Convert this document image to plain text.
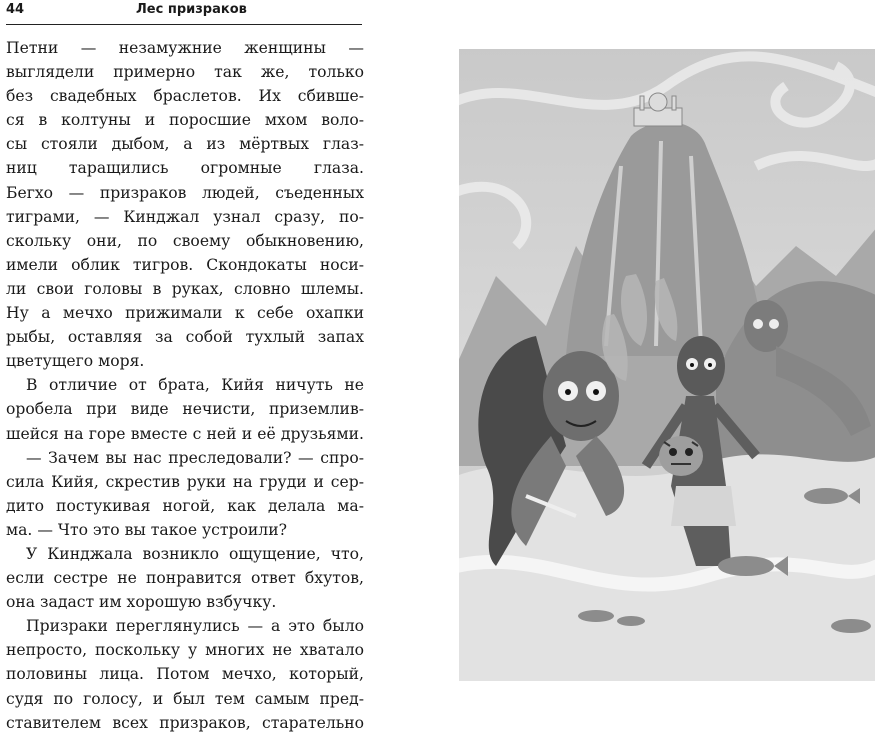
44	Лес призраков
Петни — незамужние женщины —
выглядели примерно так же, только
без свадебных браслетов. Их сбивше-
ся в колтуны и поросшие мхом воло-
сы стояли дыбом, а из мёртвых глаз-
ниц таращились огромные глаза.
Бегхо — призраков людей, съеденных
тиграми, — Кинджал узнал сразу, по-
скольку они, по своему обыкновению,
имели облик тигров. Скондокаты носи-
ли свои головы в руках, словно шлемы.
Ну а мечхо прижимали к себе охапки
рыбы, оставляя за собой тухлый запах
цветущего моря.
В отличие от брата, Кийя ничуть не
оробела при виде нечисти, приземлив-
шейся на горе вместе с ней и её друзьями.
— Зачем вы нас преследовали? — спро-
сила Кийя, скрестив руки на груди и сер-
дито постукивая ногой, как делала ма-
ма. — Что это вы такое устроили?
У Кинджала возникло ощущение, что,
если сестре не понравится ответ бхутов,
она задаст им хорошую взбучку.
Призраки переглянулись — а это было
непросто, поскольку у многих не хватало
половины лица. Потом мечхо, который,
судя по голосу, и был тем самым пред-
ставителем всех призраков, старательно
